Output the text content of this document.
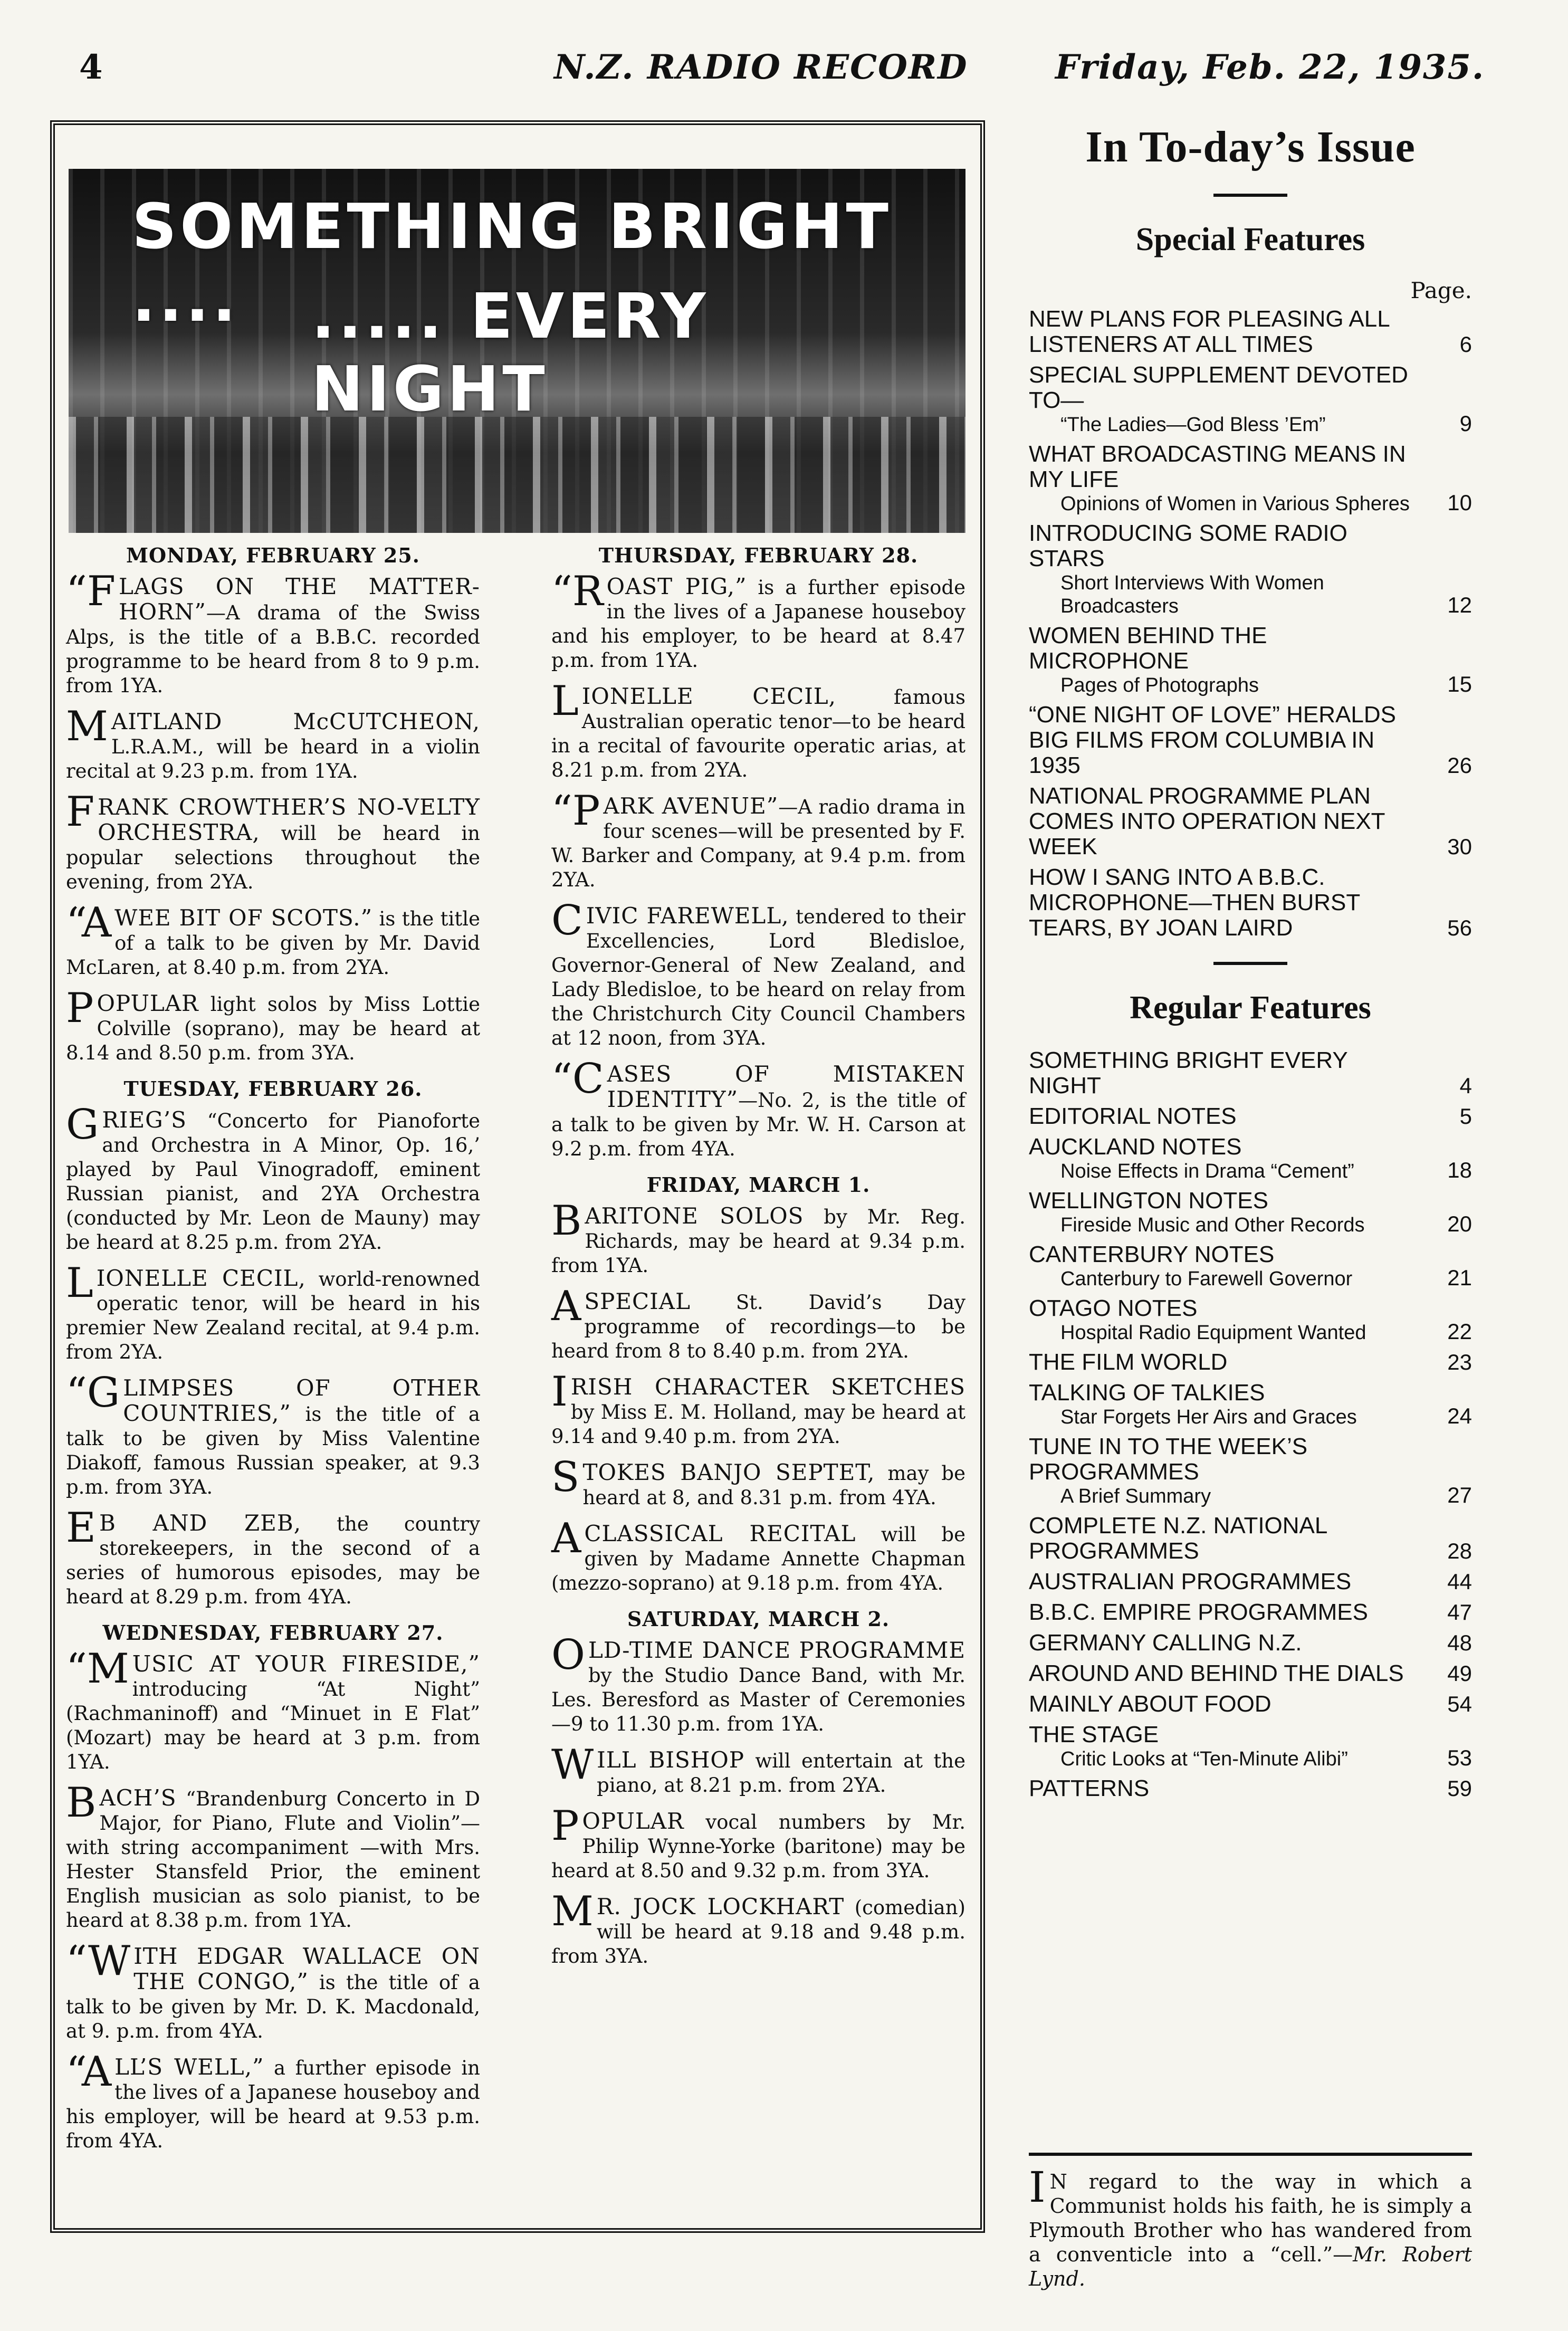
4	N.Z. RADIO RECORD	Friday, Feb. 22, 1935.
SOMETHING BRIGHT ....	..... EVERY NIGHT
MONDAY, FEBRUARY 25.
“FLAGS ON THE MATTER-HORN”—A drama of the Swiss Alps, is the title of a B.B.C. recorded programme to be heard from 8 to 9 p.m. from 1YA.
MAITLAND McCUTCHEON, L.R.A.M., will be heard in a violin recital at 9.23 p.m. from 1YA.
FRANK CROWTHER’S NO-VELTY ORCHESTRA, will be heard in popular selections throughout the evening, from 2YA.
“A WEE BIT OF SCOTS.” is the title of a talk to be given by Mr. David McLaren, at 8.40 p.m. from 2YA.
POPULAR light solos by Miss Lottie Colville (soprano), may be heard at 8.14 and 8.50 p.m. from 3YA.
TUESDAY, FEBRUARY 26.
GRIEG’S “Concerto for Pianoforte and Orchestra in A Minor, Op. 16,’ played by Paul Vinogradoff, eminent Russian pianist, and 2YA Orchestra (conducted by Mr. Leon de Mauny) may be heard at 8.25 p.m. from 2YA.
LIONELLE CECIL, world-renowned operatic tenor, will be heard in his premier New Zealand recital, at 9.4 p.m. from 2YA.
“GLIMPSES OF OTHER COUNTRIES,” is the title of a talk to be given by Miss Valentine Diakoff, famous Russian speaker, at 9.3 p.m. from 3YA.
E B AND ZEB, the country storekeepers, in the second of a series of humorous episodes, may be heard at 8.29 p.m. from 4YA.
WEDNESDAY, FEBRUARY 27.
“MUSIC AT YOUR FIRESIDE,” introducing “At Night” (Rachmaninoff) and “Minuet in E Flat” (Mozart) may be heard at 3 p.m. from 1YA.
BACH’S “Brandenburg Concerto in D Major, for Piano, Flute and Violin”—with string accompaniment —with Mrs. Hester Stansfeld Prior, the eminent English musician as solo pianist, to be heard at 8.38 p.m. from 1YA.
“WITH EDGAR WALLACE ON THE CONGO,” is the title of a talk to be given by Mr. D. K. Macdonald, at 9. p.m. from 4YA.
“ALL’S WELL,” a further episode in the lives of a Japanese houseboy and his employer, will be heard at 9.53 p.m. from 4YA.
THURSDAY, FEBRUARY 28.
“ROAST PIG,” is a further episode in the lives of a Japanese houseboy and his employer, to be heard at 8.47 p.m. from 1YA.
LIONELLE CECIL, famous Australian operatic tenor—to be heard in a recital of favourite operatic arias, at 8.21 p.m. from 2YA.
“PARK AVENUE”—A radio drama in four scenes—will be presented by F. W. Barker and Company, at 9.4 p.m. from 2YA.
CIVIC FAREWELL, tendered to their Excellencies, Lord Bledisloe, Governor-General of New Zealand, and Lady Bledisloe, to be heard on relay from the Christchurch City Council Chambers at 12 noon, from 3YA.
“CASES OF MISTAKEN IDENTITY”—No. 2, is the title of a talk to be given by Mr. W. H. Carson at 9.2 p.m. from 4YA.
FRIDAY, MARCH 1.
BARITONE SOLOS by Mr. Reg. Richards, may be heard at 9.34 p.m. from 1YA.
A SPECIAL St. David’s Day programme of recordings—to be heard from 8 to 8.40 p.m. from 2YA.
IRISH CHARACTER SKETCHES by Miss E. M. Holland, may be heard at 9.14 and 9.40 p.m. from 2YA.
STOKES BANJO SEPTET, may be heard at 8, and 8.31 p.m. from 4YA.
A CLASSICAL RECITAL will be given by Madame Annette Chapman (mezzo-soprano) at 9.18 p.m. from 4YA.
SATURDAY, MARCH 2.
OLD-TIME DANCE PROGRAMME by the Studio Dance Band, with Mr. Les. Beresford as Master of Ceremonies—9 to 11.30 p.m. from 1YA.
WILL BISHOP will entertain at the piano, at 8.21 p.m. from 2YA.
POPULAR vocal numbers by Mr. Philip Wynne-Yorke (baritone) may be heard at 8.50 and 9.32 p.m. from 3YA.
M R. JOCK LOCKHART (comedian) will be heard at 9.18 and 9.48 p.m. from 3YA.
In To-day’s Issue
Special Features
Page.
NEW PLANS FOR PLEASING ALL LISTENERS AT ALL TIMES	6
SPECIAL SUPPLEMENT DEVOTED TO—
“The Ladies—God Bless ’Em”	9
WHAT BROADCASTING MEANS IN MY LIFE
Opinions of Women in Various Spheres	10
INTRODUCING SOME RADIO STARS
Short Interviews With Women Broadcasters	12
WOMEN BEHIND THE MICROPHONE
Pages of Photographs	15
“ONE NIGHT OF LOVE” HERALDS BIG FILMS FROM COLUMBIA IN 1935	26
NATIONAL PROGRAMME PLAN COMES INTO OPERATION NEXT WEEK	30
HOW I SANG INTO A B.B.C. MICROPHONE—THEN BURST TEARS, BY JOAN LAIRD	56
Regular Features
SOMETHING BRIGHT EVERY NIGHT	4
EDITORIAL NOTES	5
AUCKLAND NOTES
Noise Effects in Drama “Cement”	18
WELLINGTON NOTES
Fireside Music and Other Records	20
CANTERBURY NOTES
Canterbury to Farewell Governor	21
OTAGO NOTES
Hospital Radio Equipment Wanted	22
THE FILM WORLD	23
TALKING OF TALKIES
Star Forgets Her Airs and Graces	24
TUNE IN TO THE WEEK’S PROGRAMMES
A Brief Summary	27
COMPLETE N.Z. NATIONAL PROGRAMMES	28
AUSTRALIAN PROGRAMMES	44
B.B.C. EMPIRE PROGRAMMES	47
GERMANY CALLING N.Z.	48
AROUND AND BEHIND THE DIALS 49
MAINLY ABOUT FOOD	54
THE STAGE
Critic Looks at “Ten-Minute Alibi”	53
PATTERNS	59
I N regard to the way in which a Communist holds his faith, he is simply a Plymouth Brother who has wandered from a conventicle into a “cell.”—Mr. Robert Lynd.
